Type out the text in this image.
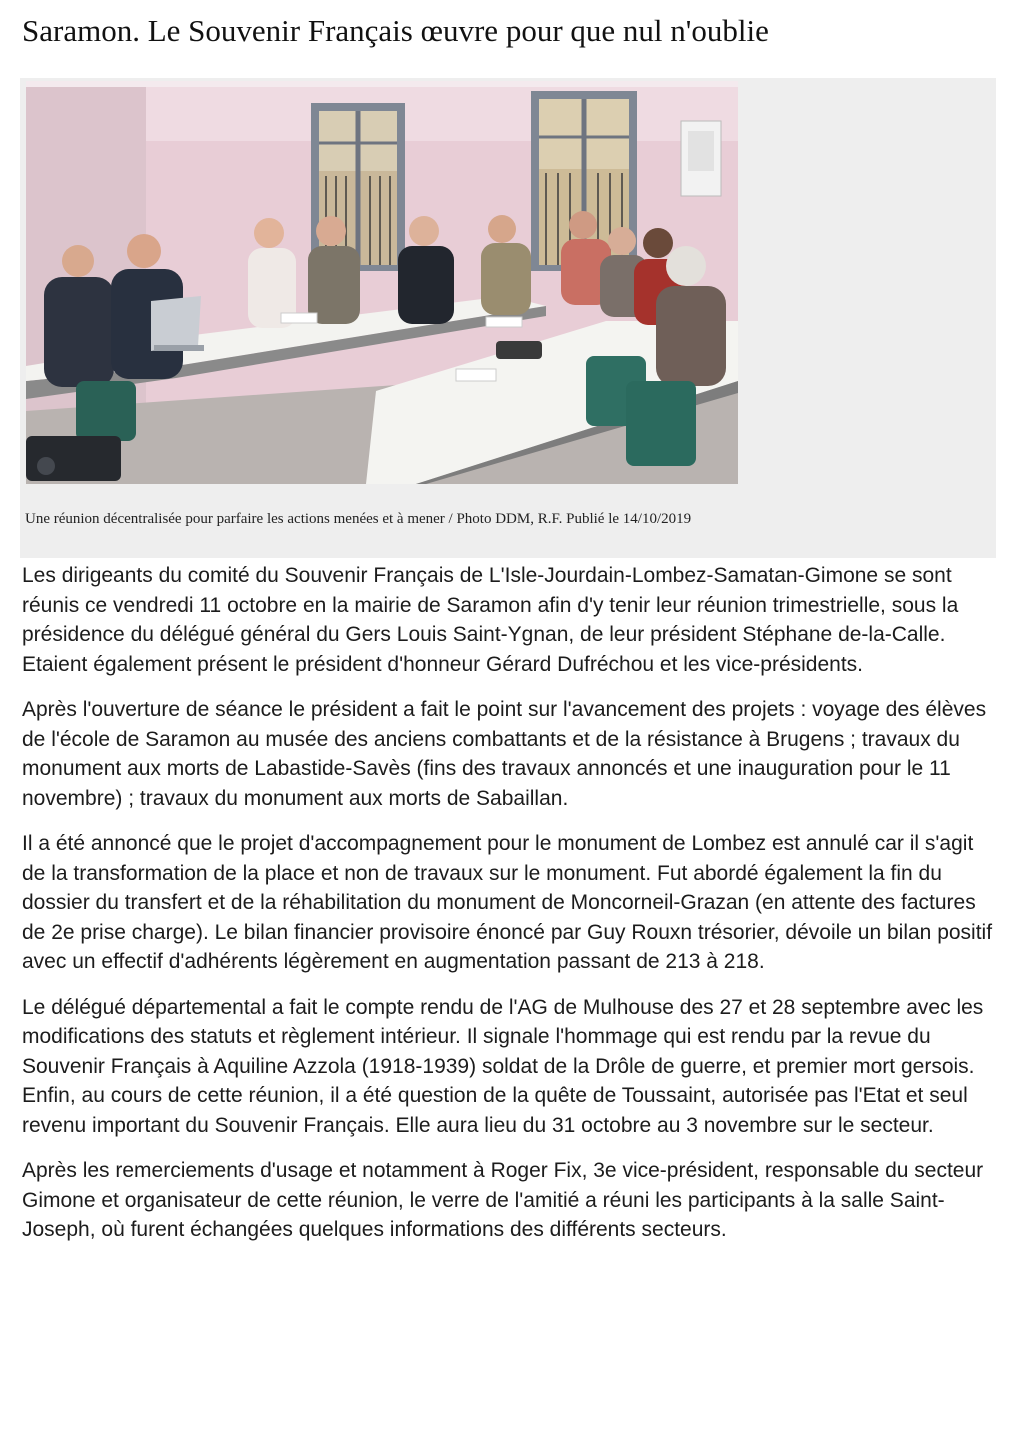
Saramon. Le Souvenir Français œuvre pour que nul n'oublie

Une réunion décentralisée pour parfaire les actions menées et à mener / Photo DDM, R.F. Publié le 14/10/2019

Les dirigeants du comité du Souvenir Français de L'Isle-Jourdain-Lombez-Samatan-Gimone se sont réunis ce vendredi 11 octobre en la mairie de Saramon afin d'y tenir leur réunion trimestrielle, sous la présidence du délégué général du Gers Louis Saint-Ygnan, de leur président Stéphane de-la-Calle. Etaient également présent le président d'honneur Gérard Dufréchou et les vice-présidents.

Après l'ouverture de séance le président a fait le point sur l'avancement des projets : voyage des élèves de l'école de Saramon au musée des anciens combattants et de la résistance à Brugens ; travaux du monument aux morts de Labastide-Savès (fins des travaux annoncés et une inauguration pour le 11 novembre) ; travaux du monument aux morts de Sabaillan.

Il a été annoncé que le projet d'accompagnement pour le monument de Lombez est annulé car il s'agit de la transformation de la place et non de travaux sur le monument. Fut abordé également la fin du dossier du transfert et de la réhabilitation du monument de Moncorneil-Grazan (en attente des factures de 2e prise charge). Le bilan financier provisoire énoncé par Guy Rouxn trésorier, dévoile un bilan positif avec un effectif d'adhérents légèrement en augmentation passant de 213 à 218.

Le délégué départemental a fait le compte rendu de l'AG de Mulhouse des 27 et 28 septembre avec les modifications des statuts et règlement intérieur. Il signale l'hommage qui est rendu par la revue du Souvenir Français à Aquiline Azzola (1918-1939) soldat de la Drôle de guerre, et premier mort gersois. Enfin, au cours de cette réunion, il a été question de la quête de Toussaint, autorisée pas l'Etat et seul revenu important du Souvenir Français. Elle aura lieu du 31 octobre au 3 novembre sur le secteur.

Après les remerciements d'usage et notamment à Roger Fix, 3e vice-président, responsable du secteur Gimone et organisateur de cette réunion, le verre de l'amitié a réuni les participants à la salle Saint- Joseph, où furent échangées quelques informations des différents secteurs.
